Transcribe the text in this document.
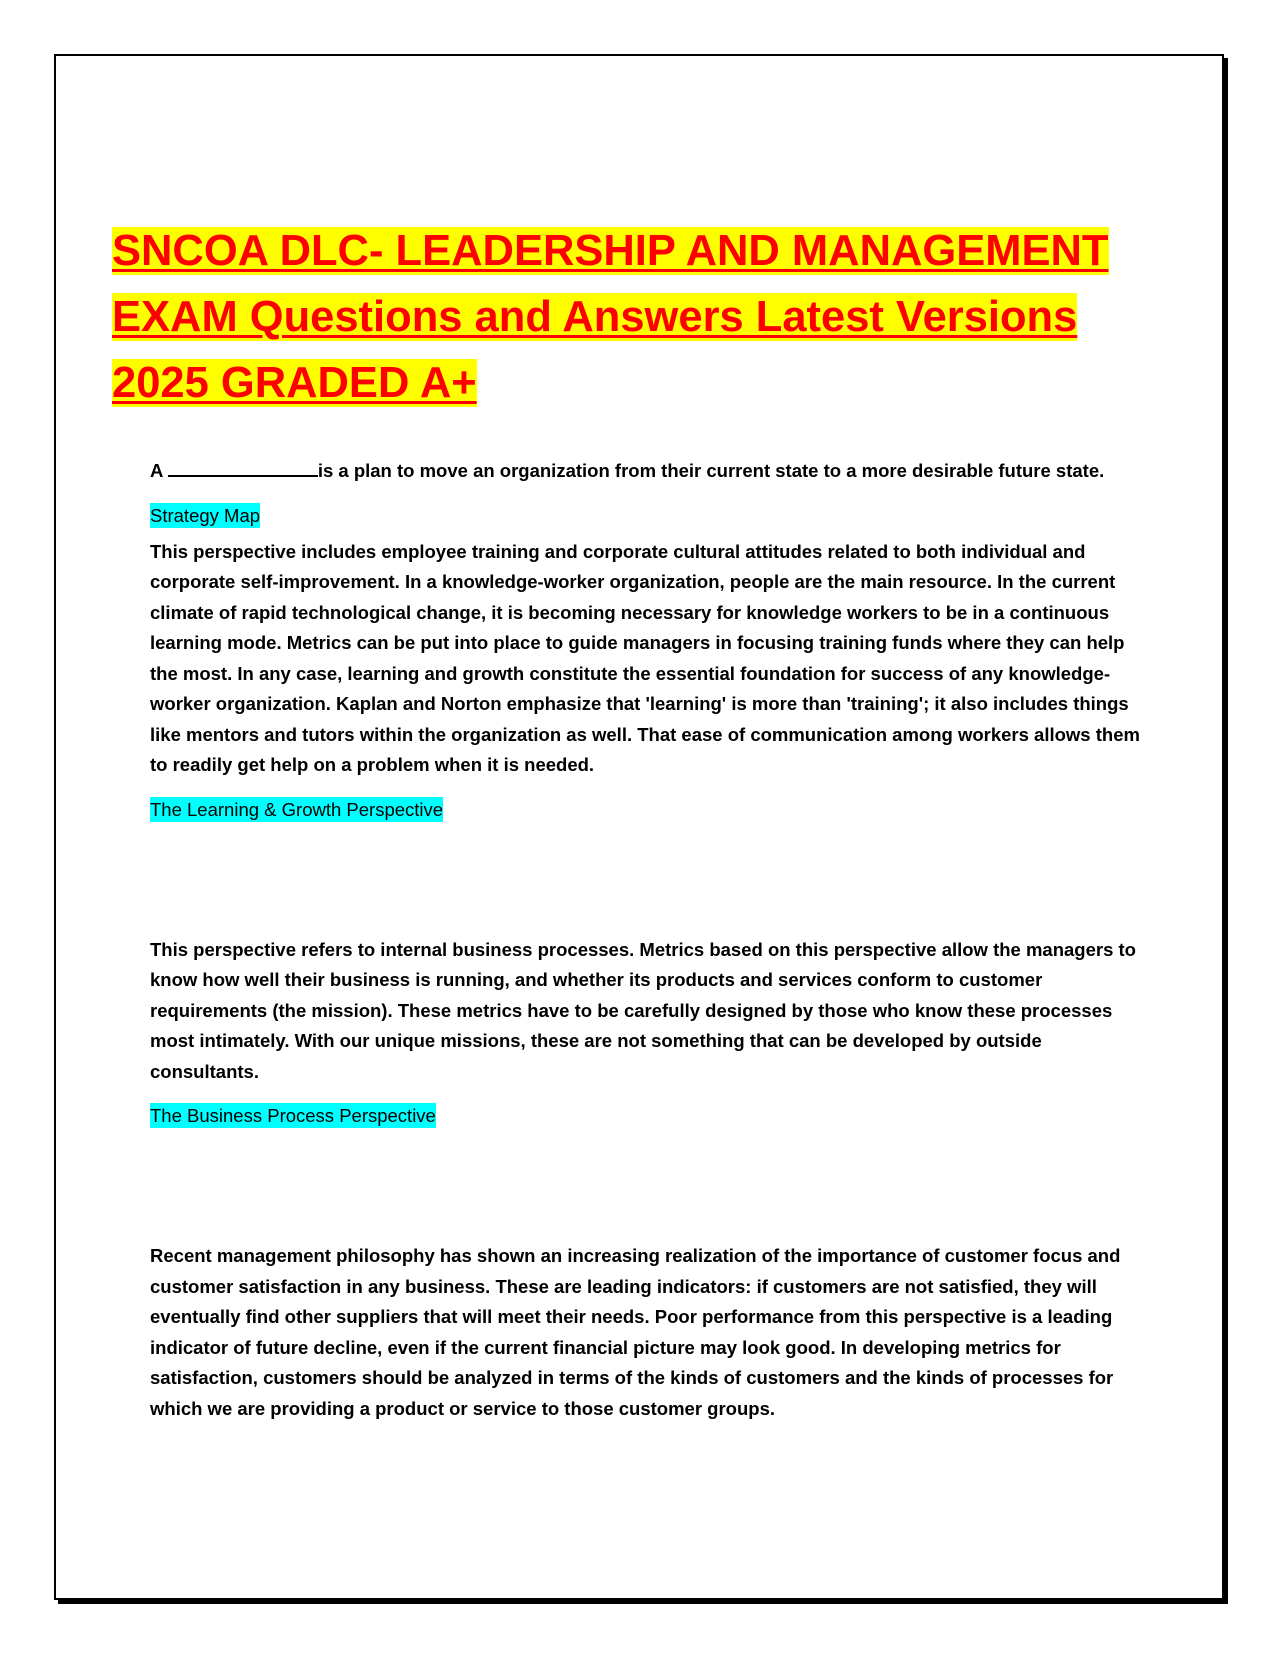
SNCOA DLC- LEADERSHIP AND MANAGEMENT
EXAM Questions and Answers Latest Versions
2025 GRADED A+

A	is a plan to move an organization from their current state to a more desirable future state.

Strategy Map

This perspective includes employee training and corporate cultural attitudes related to both individual and corporate self-improvement. In a knowledge-worker organization, people are the main resource. In the current climate of rapid technological change, it is becoming necessary for knowledge workers to be in a continuous learning mode. Metrics can be put into place to guide managers in focusing training funds where they can help the most. In any case, learning and growth constitute the essential foundation for success of any knowledge-worker organization. Kaplan and Norton emphasize that 'learning' is more than 'training'; it also includes things like mentors and tutors within the organization as well. That ease of communication among workers allows them to readily get help on a problem when it is needed.

The Learning & Growth Perspective

This perspective refers to internal business processes. Metrics based on this perspective allow the managers to know how well their business is running, and whether its products and services conform to customer requirements (the mission). These metrics have to be carefully designed by those who know these processes most intimately. With our unique missions, these are not something that can be developed by outside consultants.

The Business Process Perspective

Recent management philosophy has shown an increasing realization of the importance of customer focus and customer satisfaction in any business. These are leading indicators: if customers are not satisfied, they will eventually find other suppliers that will meet their needs. Poor performance from this perspective is a leading indicator of future decline, even if the current financial picture may look good. In developing metrics for satisfaction, customers should be analyzed in terms of the kinds of customers and the kinds of processes for which we are providing a product or service to those customer groups.
